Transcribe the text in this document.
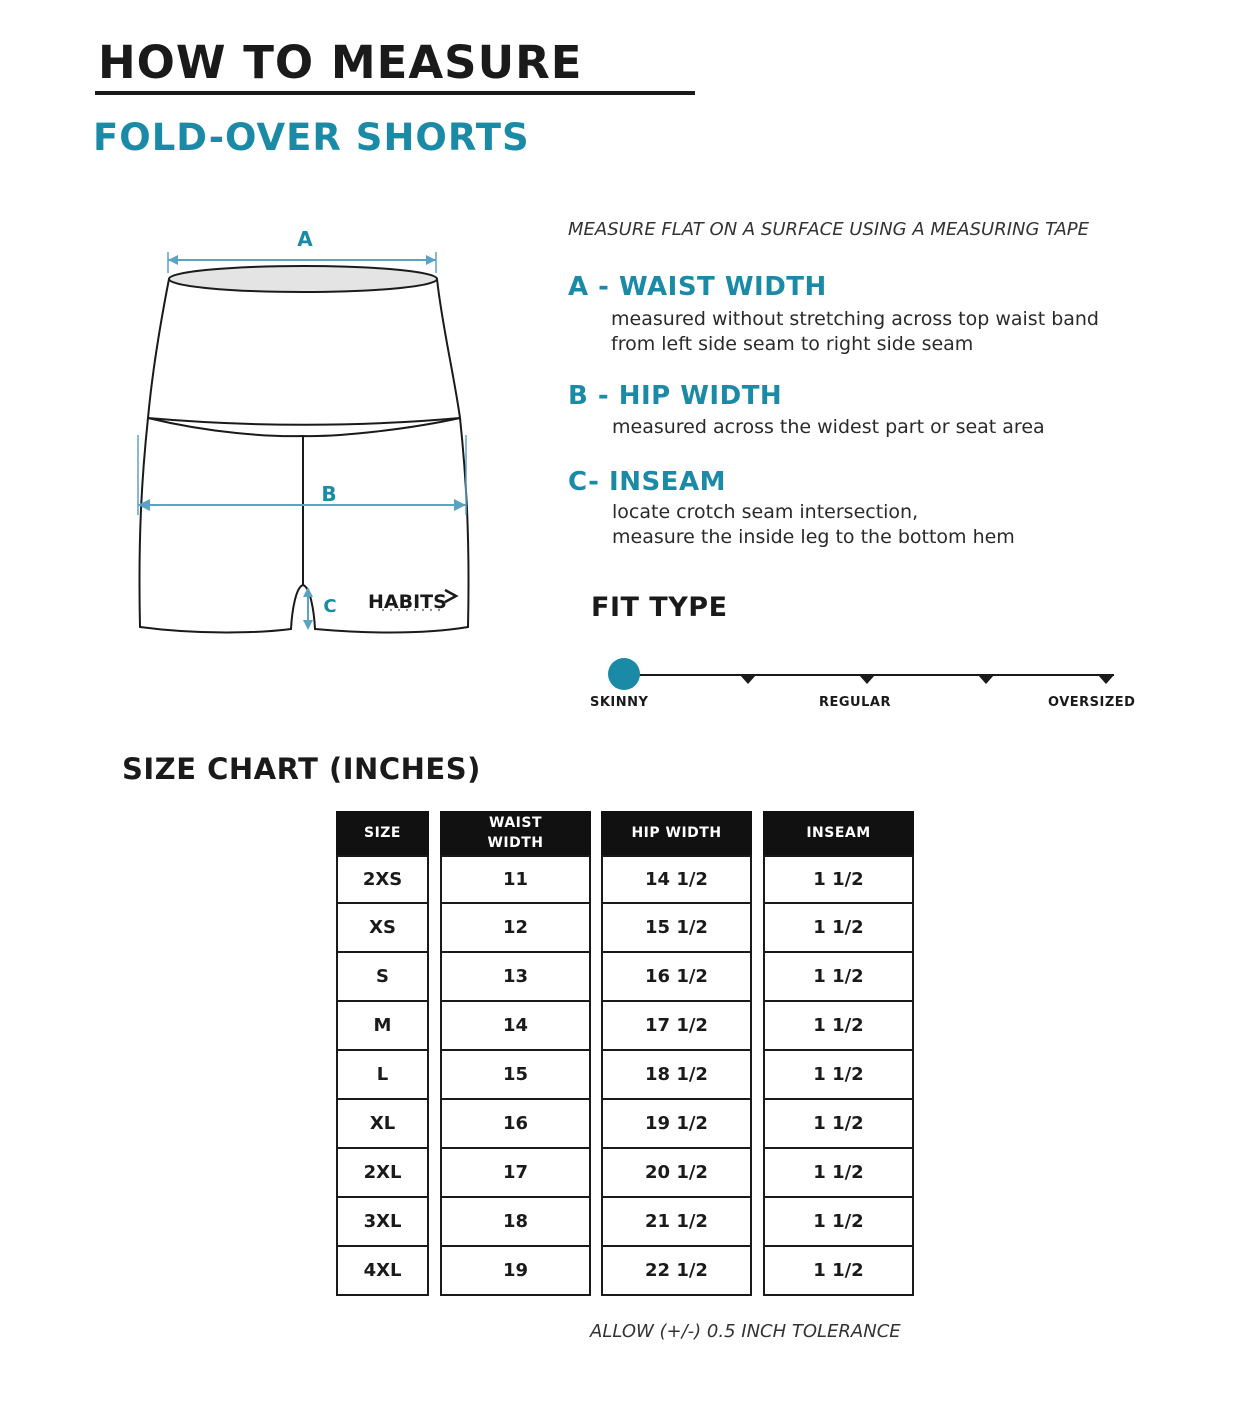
HOW TO MEASURE
FOLD-OVER SHORTS
A
B
C HABITS
MEASURE FLAT ON A SURFACE USING A MEASURING TAPE
A - WAIST WIDTH
measured without stretching across top waist band
from left side seam to right side seam
B - HIP WIDTH
measured across the widest part or seat area
C- INSEAM
locate crotch seam intersection,
measure the inside leg to the bottom hem
FIT TYPE
SKINNY	REGULAR	OVERSIZED
SIZE CHART (INCHES)
SIZE
2XS
XS
S
M
L
XL
2XL
3XL
4XL
WAIST WIDTH
11
12
13
14
15
16
17
18
19
HIP WIDTH
14 1/2
15 1/2
16 1/2
17 1/2
18 1/2
19 1/2
20 1/2
21 1/2
22 1/2
INSEAM
1 1/2
1 1/2
1 1/2
1 1/2
1 1/2
1 1/2
1 1/2
1 1/2
1 1/2
ALLOW (+/-) 0.5 INCH TOLERANCE
